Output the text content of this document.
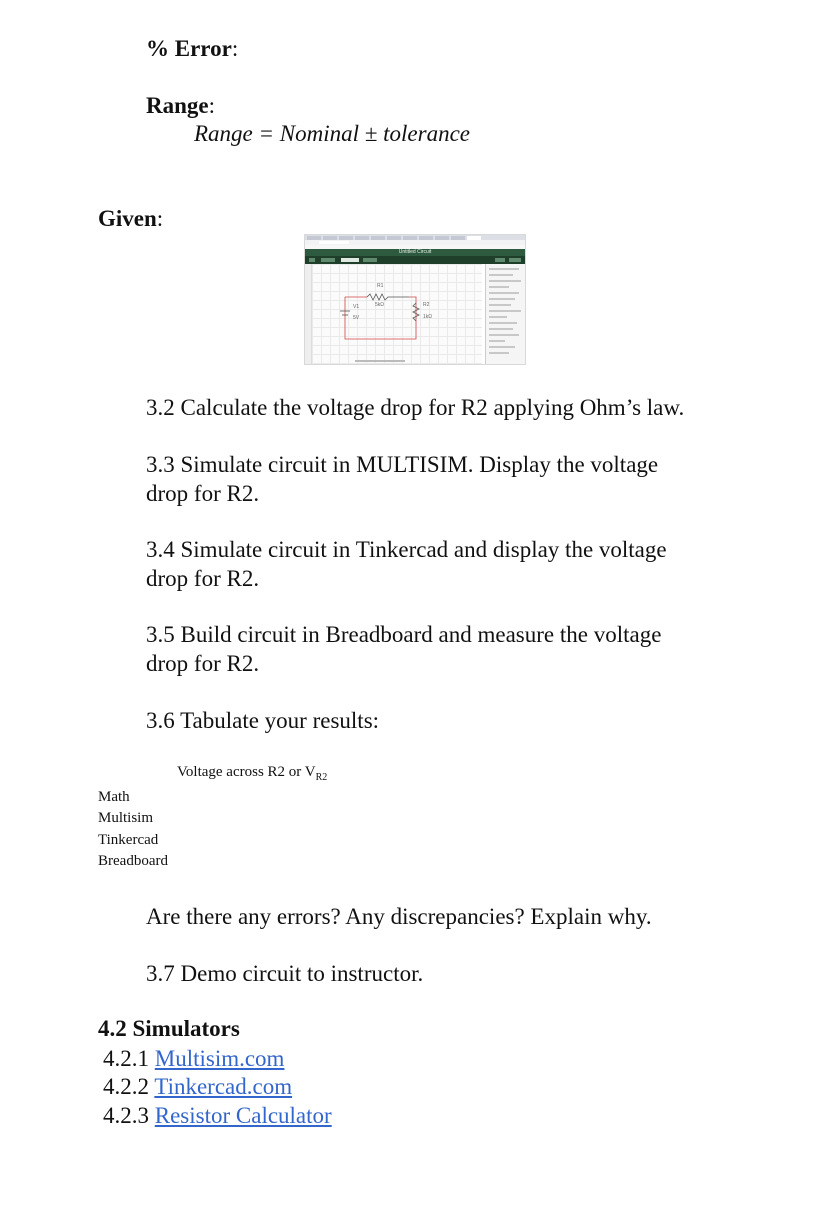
% Error:
Range:
Range = Nominal ± tolerance
Given:
Untitled Circuit
R1
5kΩ	R2
1kΩ
V1
5V
3.2 Calculate the voltage drop for R2 applying Ohm’s law.
3.3 Simulate circuit in MULTISIM. Display the voltage
drop for R2.
3.4 Simulate circuit in Tinkercad and display the voltage
drop for R2.
3.5 Build circuit in Breadboard and measure the voltage
drop for R2.
3.6 Tabulate your results:
Voltage across R2 or $V_{R2}$
Math
Multisim
Tinkercad
Breadboard
Are there any errors? Any discrepancies? Explain why.
3.7 Demo circuit to instructor.
4.2 Simulators
4.2.1 Multisim.com
4.2.2 Tinkercad.com
4.2.3 Resistor Calculator
